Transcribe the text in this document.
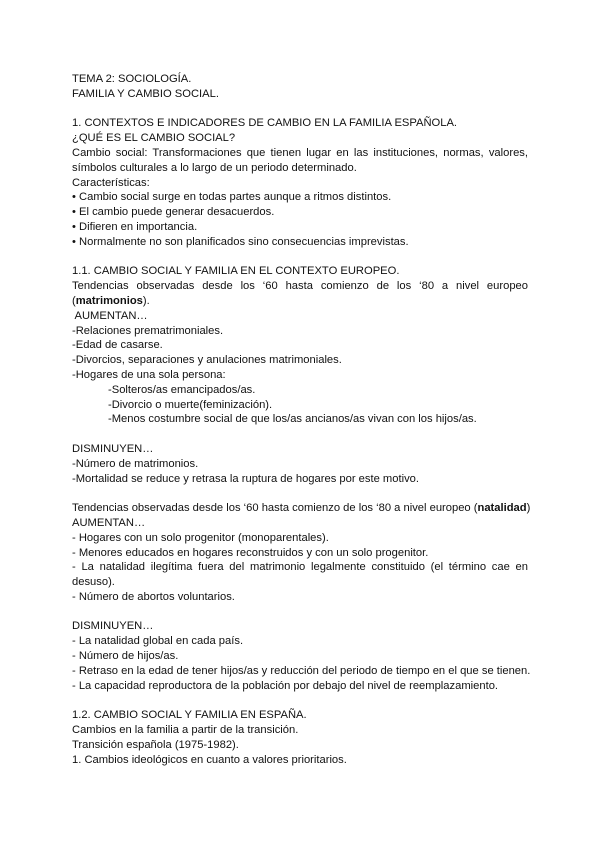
TEMA 2: SOCIOLOGÍA.
FAMILIA Y CAMBIO SOCIAL.
1. CONTEXTOS E INDICADORES DE CAMBIO EN LA FAMILIA ESPAÑOLA.
¿QUÉ ES EL CAMBIO SOCIAL?
Cambio social: Transformaciones que tienen lugar en las instituciones, normas, valores, símbolos culturales a lo largo de un periodo determinado.
Características:
• Cambio social surge en todas partes aunque a ritmos distintos.
• El cambio puede generar desacuerdos.
• Difieren en importancia.
• Normalmente no son planificados sino consecuencias imprevistas.
1.1. CAMBIO SOCIAL Y FAMILIA EN EL CONTEXTO EUROPEO.
Tendencias observadas desde los ‘60 hasta comienzo de los ‘80 a nivel europeo (matrimonios).
AUMENTAN…
-Relaciones prematrimoniales.
-Edad de casarse.
-Divorcios, separaciones y anulaciones matrimoniales.
-Hogares de una sola persona:
-Solteros/as emancipados/as.
-Divorcio o muerte(feminización).
-Menos costumbre social de que los/as ancianos/as vivan con los hijos/as.
DISMINUYEN…
-Número de matrimonios.
-Mortalidad se reduce y retrasa la ruptura de hogares por este motivo.
Tendencias observadas desde los ‘60 hasta comienzo de los ‘80 a nivel europeo (natalidad)
AUMENTAN…
- Hogares con un solo progenitor (monoparentales).
- Menores educados en hogares reconstruidos y con un solo progenitor.
- La natalidad ilegítima fuera del matrimonio legalmente constituido (el término cae en desuso).
- Número de abortos voluntarios.
DISMINUYEN…
- La natalidad global en cada país.
- Número de hijos/as.
- Retraso en la edad de tener hijos/as y reducción del periodo de tiempo en el que se tienen.
- La capacidad reproductora de la población por debajo del nivel de reemplazamiento.
1.2. CAMBIO SOCIAL Y FAMILIA EN ESPAÑA.
Cambios en la familia a partir de la transición.
Transición española (1975-1982).
1. Cambios ideológicos en cuanto a valores prioritarios.
